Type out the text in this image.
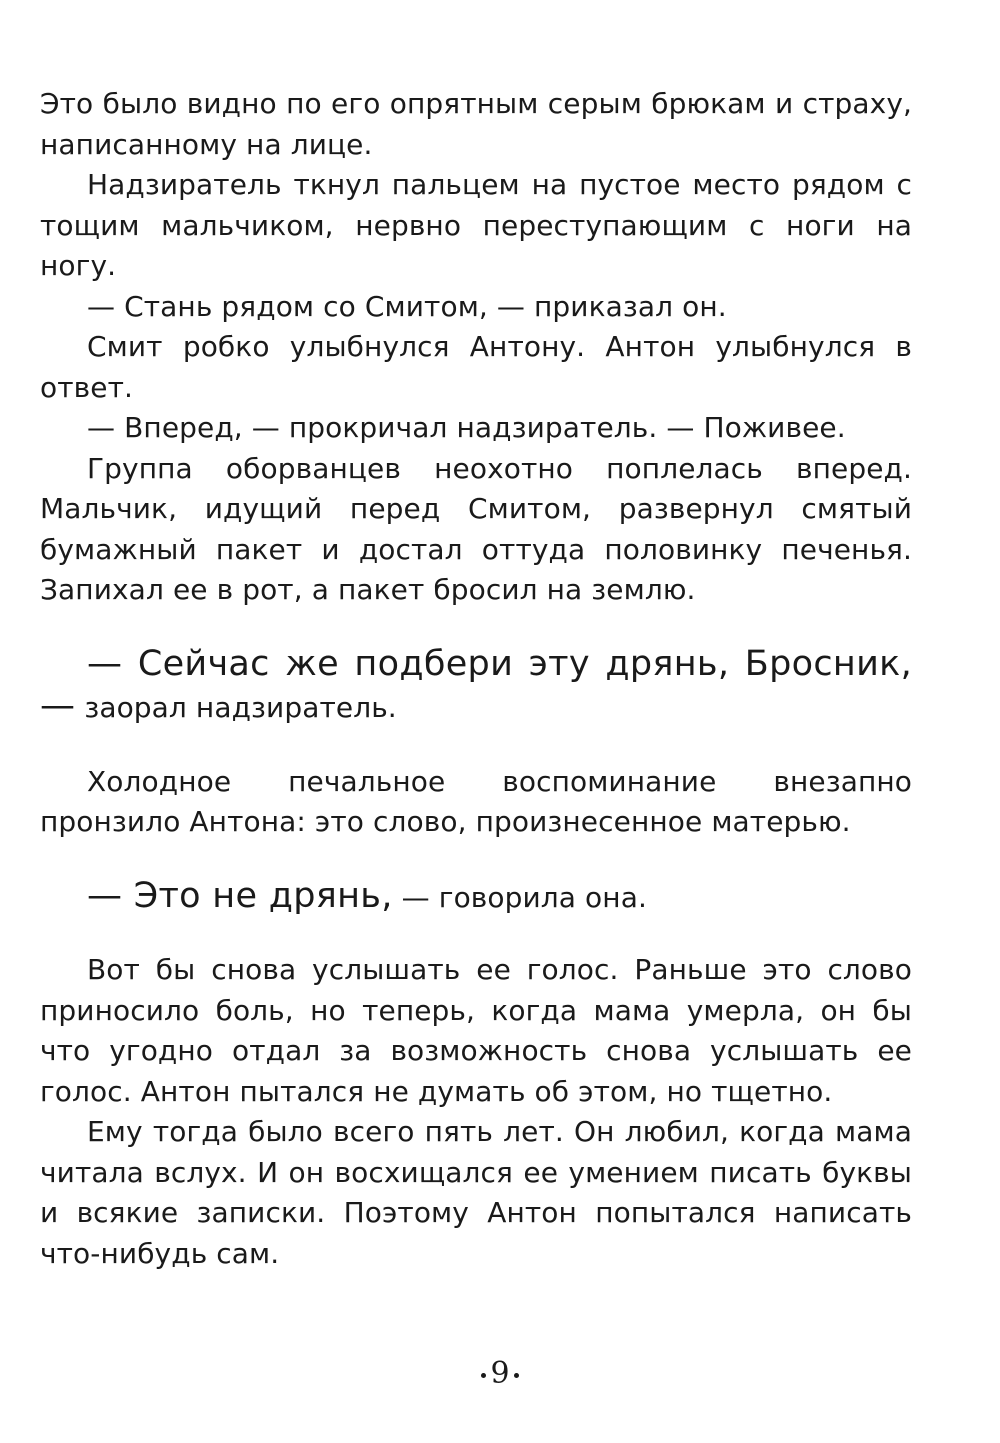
Это было видно по его опрятным серым брюкам и страху, написанному на лице.

Надзиратель ткнул пальцем на пустое место рядом с тощим мальчиком, нервно переступающим с ноги на ногу.

— Стань рядом со Смитом, — приказал он.

Смит робко улыбнулся Антону. Антон улыбнулся в ответ.

— Вперед, — прокричал надзиратель. — Поживее.

Группа оборванцев неохотно поплелась вперед. Мальчик, идущий перед Смитом, развернул смятый бумажный пакет и достал оттуда половинку печенья. Запихал ее в рот, а пакет бросил на землю.

— Сейчас же подбери эту дрянь, Бросник, — заорал надзиратель.

Холодное печальное воспоминание внезапно пронзило Антона: это слово, произнесенное матерью.

— Это не дрянь, — говорила она.

Вот бы снова услышать ее голос. Раньше это слово приносило боль, но теперь, когда мама умерла, он бы что угодно отдал за возможность снова услышать ее голос. Антон пытался не думать об этом, но тщетно.

Ему тогда было всего пять лет. Он любил, когда мама читала вслух. И он восхищался ее умением писать буквы и всякие записки. Поэтому Антон попытался написать что-нибудь сам.

9
